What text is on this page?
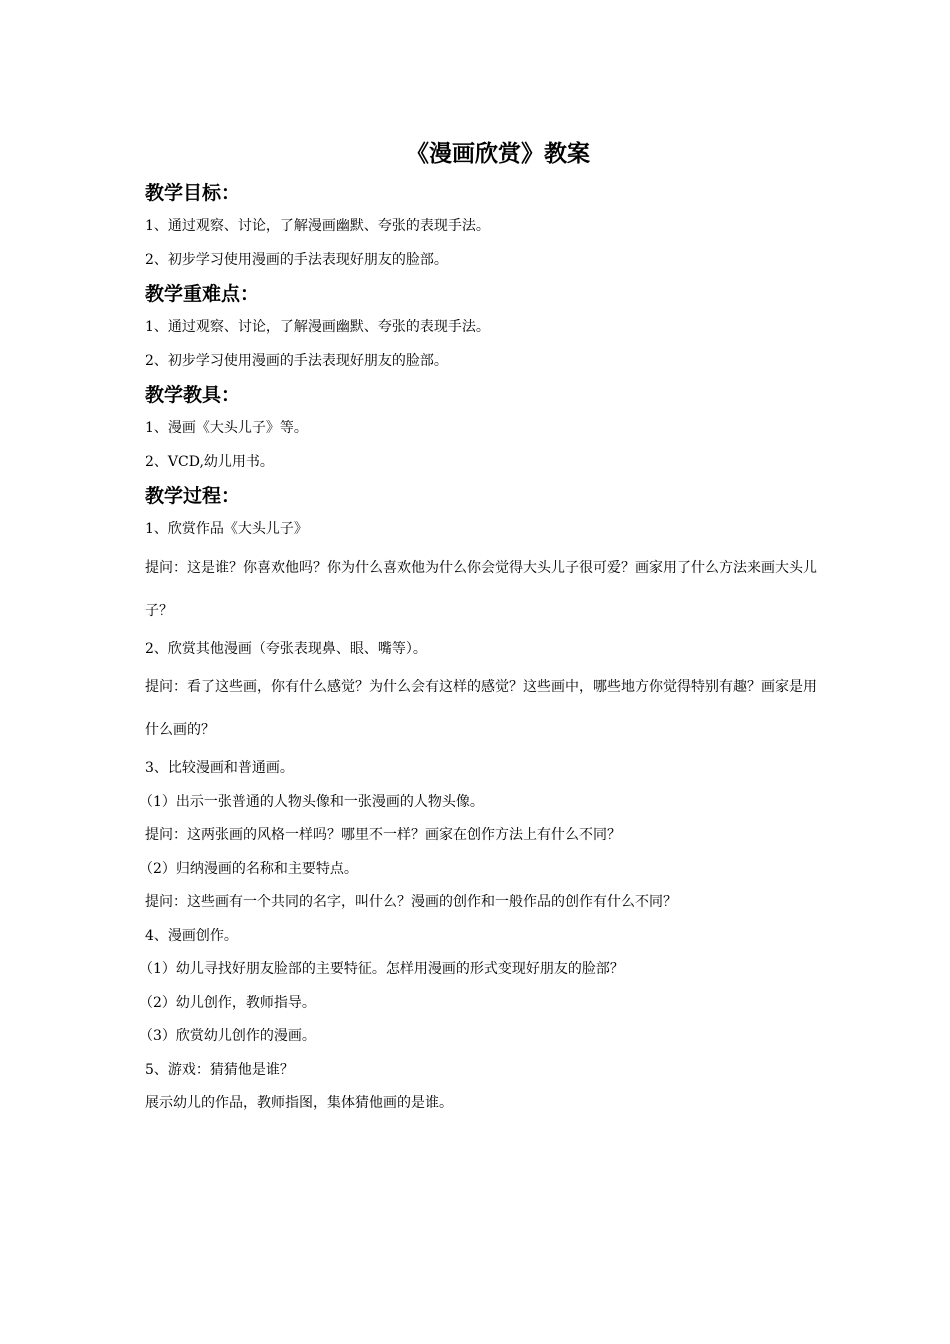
《漫画欣赏》教案
教学目标：

1、通过观察、讨论，了解漫画幽默、夸张的表现手法。

2、初步学习使用漫画的手法表现好朋友的脸部。

教学重难点：

1、通过观察、讨论，了解漫画幽默、夸张的表现手法。

2、初步学习使用漫画的手法表现好朋友的脸部。

教学教具：

1、漫画《大头儿子》等。

2、VCD,幼儿用书。

教学过程：

1、欣赏作品《大头儿子》

提问：这是谁？你喜欢他吗？你为什么喜欢他为什么你会觉得大头儿子很可爱？画家用了什么方法来画大头儿子？

2、欣赏其他漫画（夸张表现鼻、眼、嘴等）。

提问：看了这些画，你有什么感觉？为什么会有这样的感觉？这些画中，哪些地方你觉得特别有趣？画家是用什么画的？

3、比较漫画和普通画。

（1）出示一张普通的人物头像和一张漫画的人物头像。

提问：这两张画的风格一样吗？哪里不一样？画家在创作方法上有什么不同？

（2）归纳漫画的名称和主要特点。

提问：这些画有一个共同的名字，叫什么？漫画的创作和一般作品的创作有什么不同？

4、漫画创作。

（1）幼儿寻找好朋友脸部的主要特征。怎样用漫画的形式变现好朋友的脸部？

（2）幼儿创作，教师指导。

（3）欣赏幼儿创作的漫画。

5、游戏：猜猜他是谁？

展示幼儿的作品，教师指图，集体猜他画的是谁。
